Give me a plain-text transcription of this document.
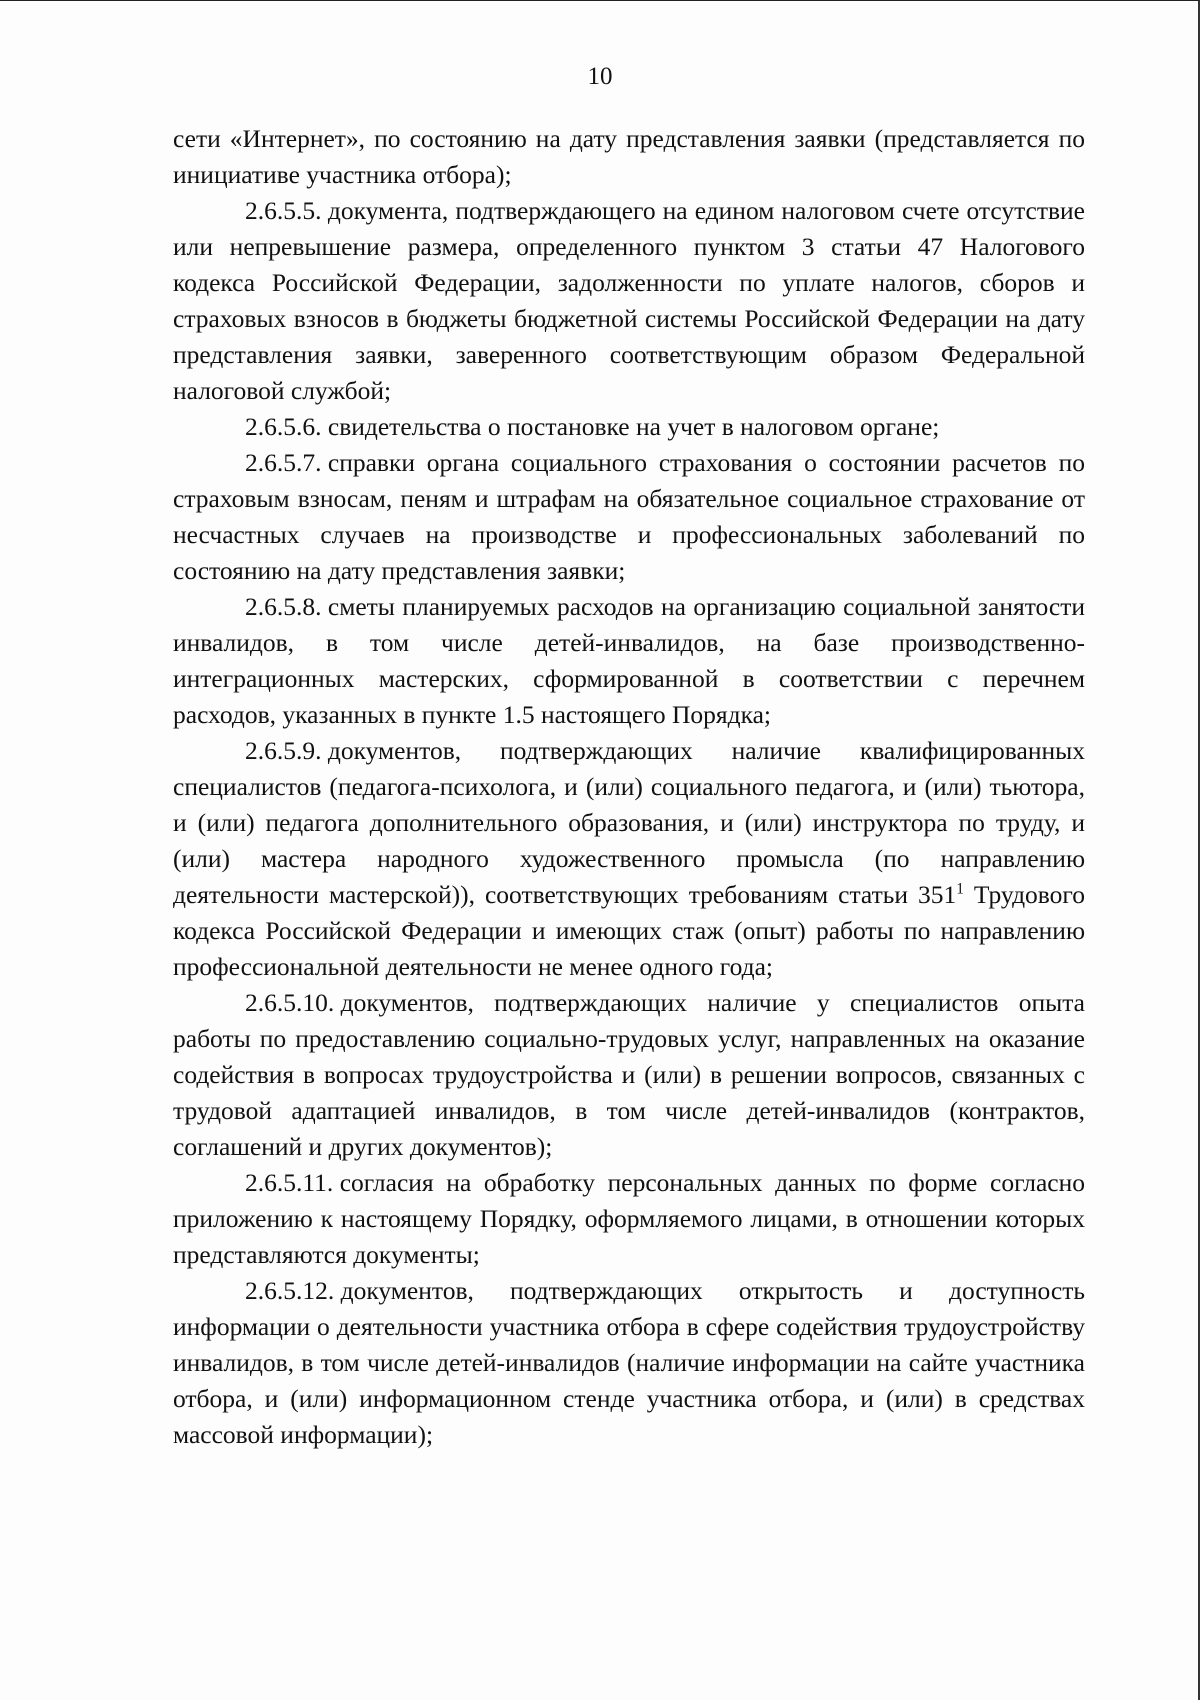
10

сети «Интернет», по состоянию на дату представления заявки (представляется по инициативе участника отбора);

2.6.5.5. документа, подтверждающего на едином налоговом счете отсутствие или непревышение размера, определенного пунктом 3 статьи 47 Налогового кодекса Российской Федерации, задолженности по уплате налогов, сборов и страховых взносов в бюджеты бюджетной системы Российской Федерации на дату представления заявки, заверенного соответствующим образом Федеральной налоговой службой;

2.6.5.6. свидетельства о постановке на учет в налоговом органе;

2.6.5.7. справки органа социального страхования о состоянии расчетов по страховым взносам, пеням и штрафам на обязательное социальное страхование от несчастных случаев на производстве и профессиональных заболеваний по состоянию на дату представления заявки;

2.6.5.8. сметы планируемых расходов на организацию социальной занятости инвалидов, в том числе детей-инвалидов, на базе производственно-интеграционных мастерских, сформированной в соответствии с перечнем расходов, указанных в пункте 1.5 настоящего Порядка;

2.6.5.9. документов, подтверждающих наличие квалифицированных специалистов (педагога-психолога, и (или) социального педагога, и (или) тьютора, и (или) педагога дополнительного образования, и (или) инструктора по труду, и (или) мастера народного художественного промысла (по направлению деятельности мастерской)), соответствующих требованиям статьи $351^1$ Трудового кодекса Российской Федерации и имеющих стаж (опыт) работы по направлению профессиональной деятельности не менее одного года;

2.6.5.10. документов, подтверждающих наличие у специалистов опыта работы по предоставлению социально-трудовых услуг, направленных на оказание содействия в вопросах трудоустройства и (или) в решении вопросов, связанных с трудовой адаптацией инвалидов, в том числе детей-инвалидов (контрактов, соглашений и других документов);

2.6.5.11. согласия на обработку персональных данных по форме согласно приложению к настоящему Порядку, оформляемого лицами, в отношении которых представляются документы;

2.6.5.12. документов, подтверждающих открытость и доступность информации о деятельности участника отбора в сфере содействия трудоустройству инвалидов, в том числе детей-инвалидов (наличие информации на сайте участника отбора, и (или) информационном стенде участника отбора, и (или) в средствах массовой информации);
